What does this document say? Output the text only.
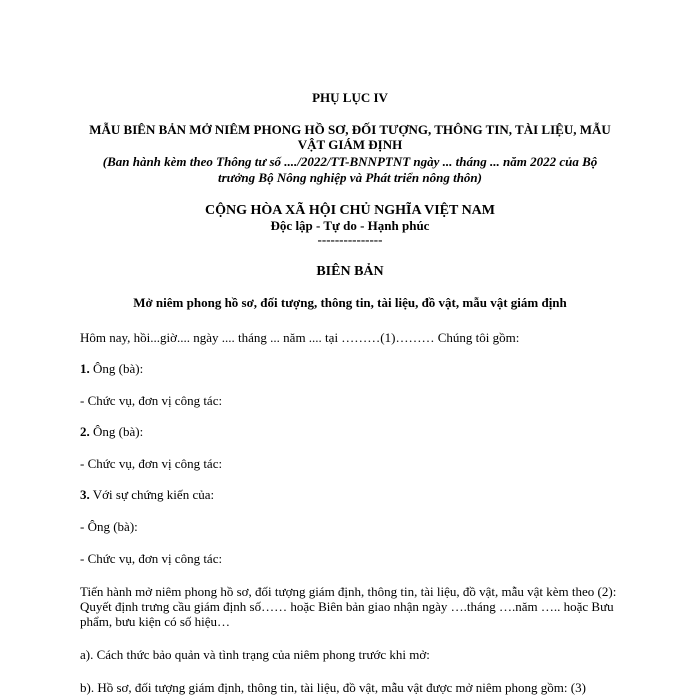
PHỤ LỤC IV
MẪU BIÊN BẢN MỞ NIÊM PHONG HỒ SƠ, ĐỐI TƯỢNG, THÔNG TIN, TÀI LIỆU, MẪU
VẬT GIÁM ĐỊNH
(Ban hành kèm theo Thông tư số ..../2022/TT-BNNPTNT ngày ... tháng ... năm 2022 của Bộ
trưởng Bộ Nông nghiệp và Phát triển nông thôn)
CỘNG HÒA XÃ HỘI CHỦ NGHĨA VIỆT NAM
Độc lập - Tự do - Hạnh phúc
---------------
BIÊN BẢN
Mở niêm phong hồ sơ, đối tượng, thông tin, tài liệu, đồ vật, mẫu vật giám định
Hôm nay, hồi...giờ.... ngày .... tháng ... năm .... tại ………(1)……… Chúng tôi gồm:
1. Ông (bà):
- Chức vụ, đơn vị công tác:
2. Ông (bà):
- Chức vụ, đơn vị công tác:
3. Với sự chứng kiến của:
- Ông (bà):
- Chức vụ, đơn vị công tác:
Tiến hành mở niêm phong hồ sơ, đối tượng giám định, thông tin, tài liệu, đồ vật, mẫu vật kèm theo (2): Quyết định trưng cầu giám định số…… hoặc Biên bản giao nhận ngày ….tháng ….năm ….. hoặc Bưu phẩm, bưu kiện có số hiệu…
a). Cách thức bảo quản và tình trạng của niêm phong trước khi mở:
b). Hồ sơ, đối tượng giám định, thông tin, tài liệu, đồ vật, mẫu vật được mở niêm phong gồm: (3)
